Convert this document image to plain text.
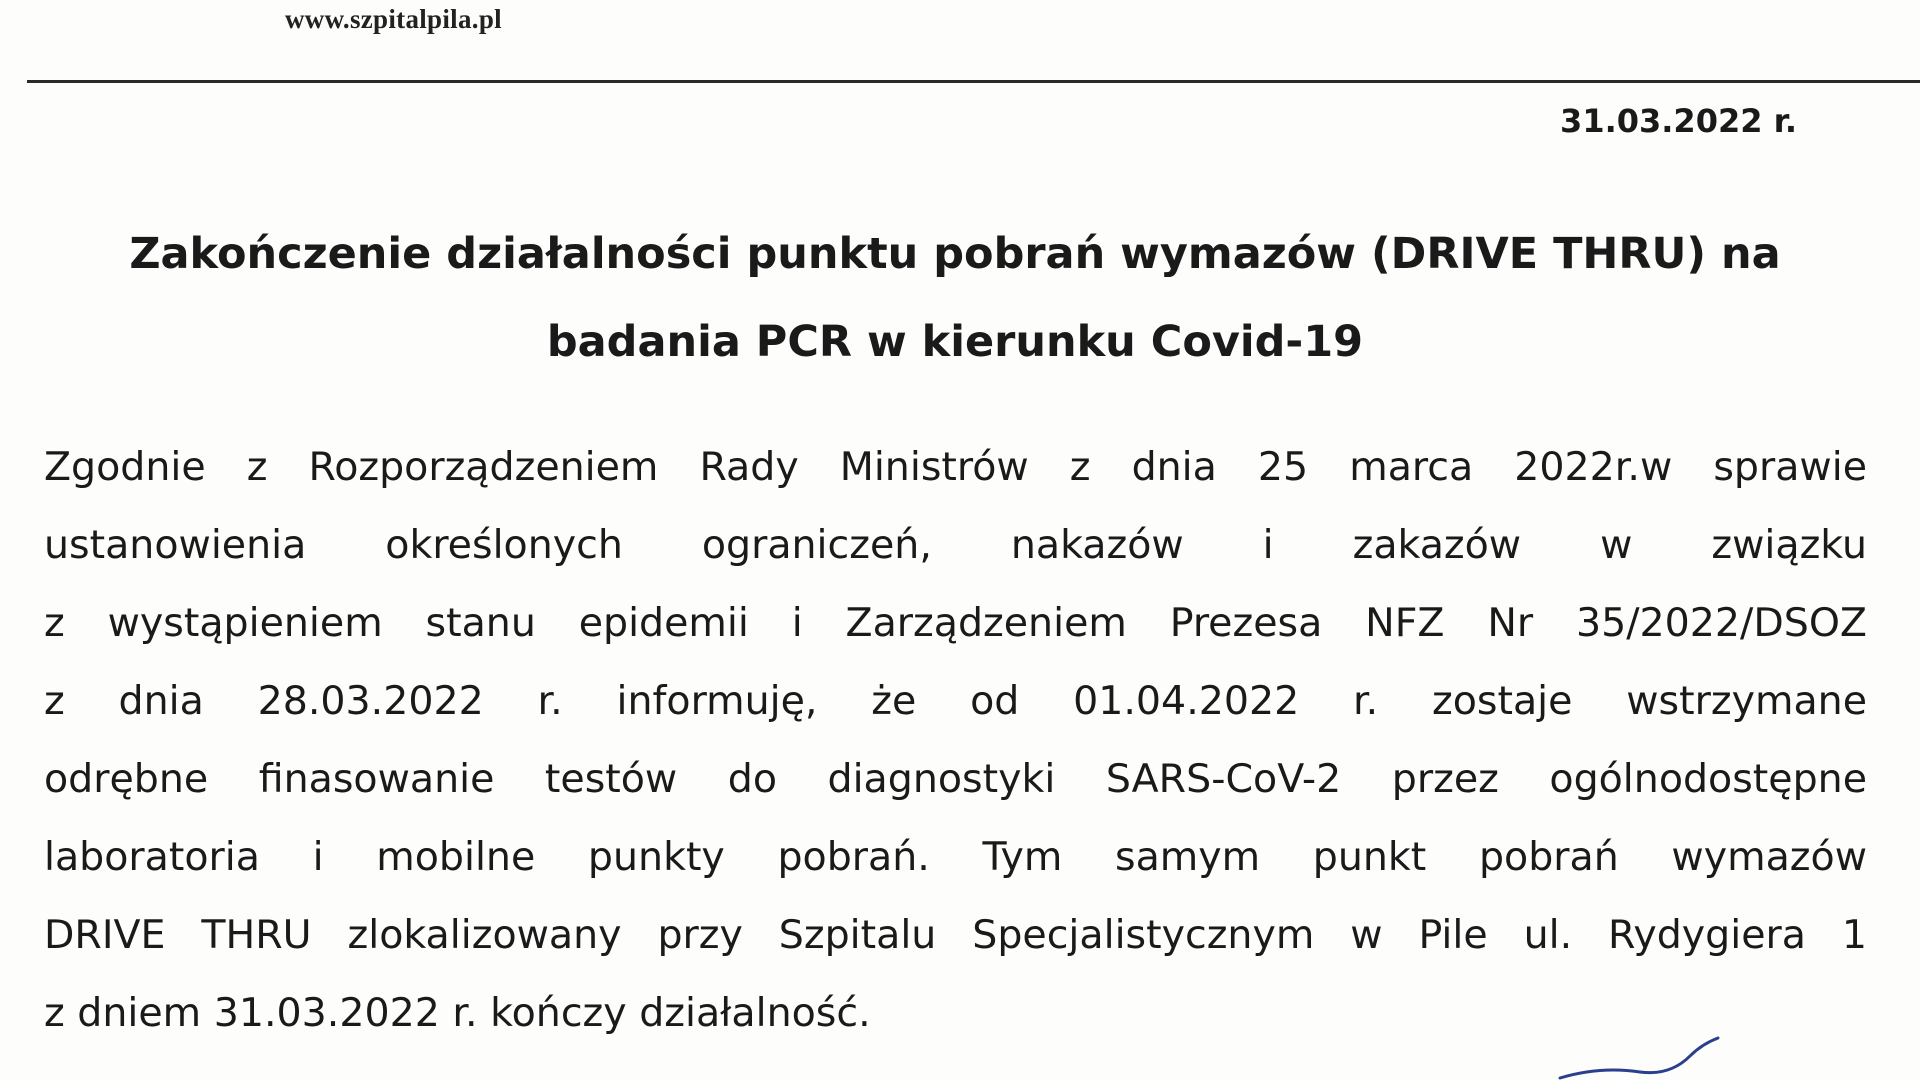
www.szpitalpila.pl
31.03.2022 r.
Zakończenie działalności punktu pobrań wymazów (DRIVE THRU) na
badania PCR w kierunku Covid-19
Zgodnie z Rozporządzeniem Rady Ministrów z dnia 25 marca 2022r.w sprawie
ustanowienia określonych ograniczeń, nakazów i zakazów w związku
z wystąpieniem stanu epidemii i Zarządzeniem Prezesa NFZ Nr 35/2022/DSOZ
z dnia 28.03.2022 r. informuję, że od 01.04.2022 r. zostaje wstrzymane
odrębne finasowanie testów do diagnostyki SARS-CoV-2 przez ogólnodostępne
laboratoria i mobilne punkty pobrań. Tym samym punkt pobrań wymazów
DRIVE THRU zlokalizowany przy Szpitalu Specjalistycznym w Pile ul. Rydygiera 1
z dniem 31.03.2022 r. kończy działalność.
